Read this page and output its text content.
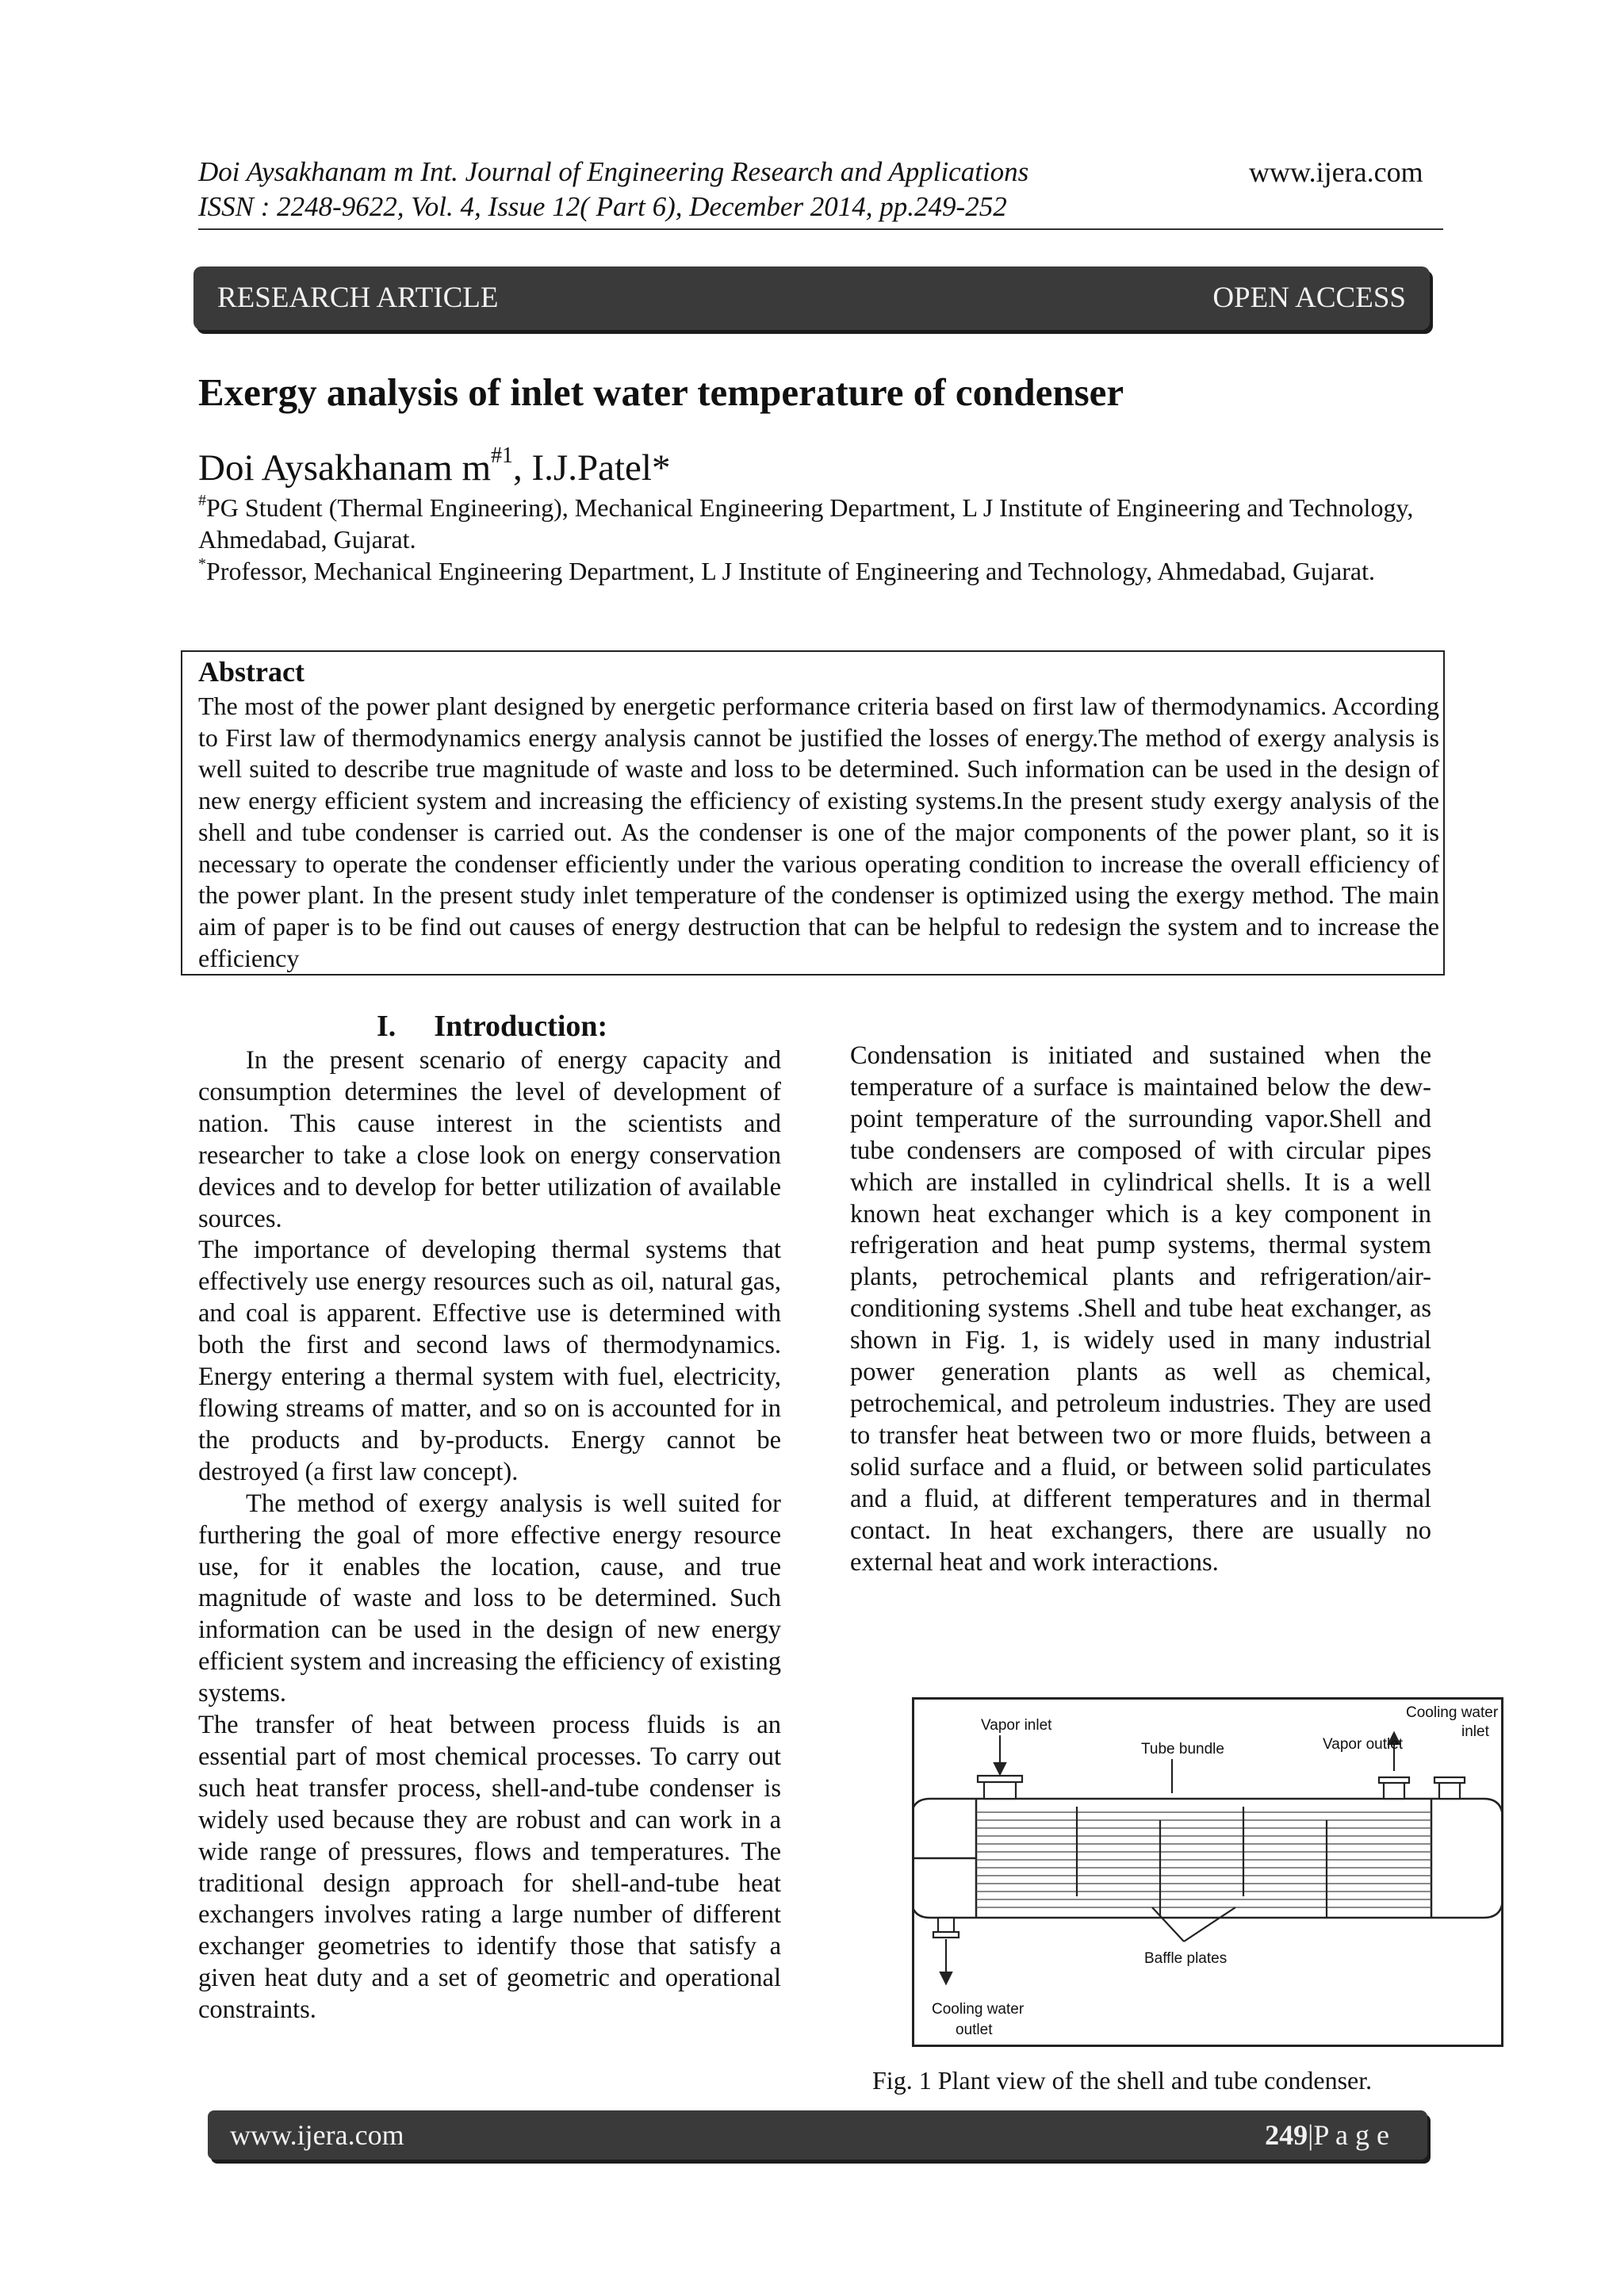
Doi Aysakhanam m Int. Journal of Engineering Research and Applications	www.ijera.com
ISSN : 2248-9622, Vol. 4, Issue 12( Part 6), December 2014, pp.249-252
RESEARCH ARTICLE	OPEN ACCESS
Exergy analysis of inlet water temperature of condenser
Doi Aysakhanam $m^{\#1}$, I.J.Patel*
#PG Student (Thermal Engineering), Mechanical Engineering Department, L J Institute of Engineering and Technology, Ahmedabad, Gujarat.
*Professor, Mechanical Engineering Department, L J Institute of Engineering and Technology, Ahmedabad, Gujarat.
Abstract
The most of the power plant designed by energetic performance criteria based on first law of thermodynamics. According to First law of thermodynamics energy analysis cannot be justified the losses of energy.The method of exergy analysis is well suited to describe true magnitude of waste and loss to be determined. Such information can be used in the design of new energy efficient system and increasing the efficiency of existing systems.In the present study exergy analysis of the shell and tube condenser is carried out. As the condenser is one of the major components of the power plant, so it is necessary to operate the condenser efficiently under the various operating condition to increase the overall efficiency of the power plant. In the present study inlet temperature of the condenser is optimized using the exergy method. The main aim of paper is to be find out causes of energy destruction that can be helpful to redesign the system and to increase the efficiency
I. Introduction:

In the present scenario of energy capacity and consumption determines the level of development of nation. This cause interest in the scientists and researcher to take a close look on energy conservation devices and to develop for better utilization of available sources.

The importance of developing thermal systems that effectively use energy resources such as oil, natural gas, and coal is apparent. Effective use is determined with both the first and second laws of thermodynamics. Energy entering a thermal system with fuel, electricity, flowing streams of matter, and so on is accounted for in the products and by-products. Energy cannot be destroyed (a first law concept).

The method of exergy analysis is well suited for furthering the goal of more effective energy resource use, for it enables the location, cause, and true magnitude of waste and loss to be determined. Such information can be used in the design of new energy efficient system and increasing the efficiency of existing systems.

The transfer of heat between process fluids is an essential part of most chemical processes. To carry out such heat transfer process, shell-and-tube condenser is widely used because they are robust and can work in a wide range of pressures, flows and temperatures. The traditional design approach for shell-and-tube heat exchangers involves rating a large number of different exchanger geometries to identify those that satisfy a given heat duty and a set of geometric and operational constraints.

Condensation is initiated and sustained when the temperature of a surface is maintained below the dew-point temperature of the surrounding vapor.Shell and tube condensers are composed of with circular pipes which are installed in cylindrical shells. It is a well known heat exchanger which is a key component in refrigeration and heat pump systems, thermal system plants, petrochemical plants and refrigeration/air-conditioning systems .Shell and tube heat exchanger, as shown in Fig. 1, is widely used in many industrial power generation plants as well as chemical, petrochemical, and petroleum industries. They are used to transfer heat between two or more fluids, between a solid surface and a fluid, or between solid particulates and a fluid, at different temperatures and in thermal contact. In heat exchangers, there are usually no external heat and work interactions.

Vapor inlet
Tube bundle	Vapor outlet
Cooling water
inlet
Baffle plates
Cooling water
outlet
Fig. 1 Plant view of the shell and tube condenser.
www.ijera.com	249|P a g e
